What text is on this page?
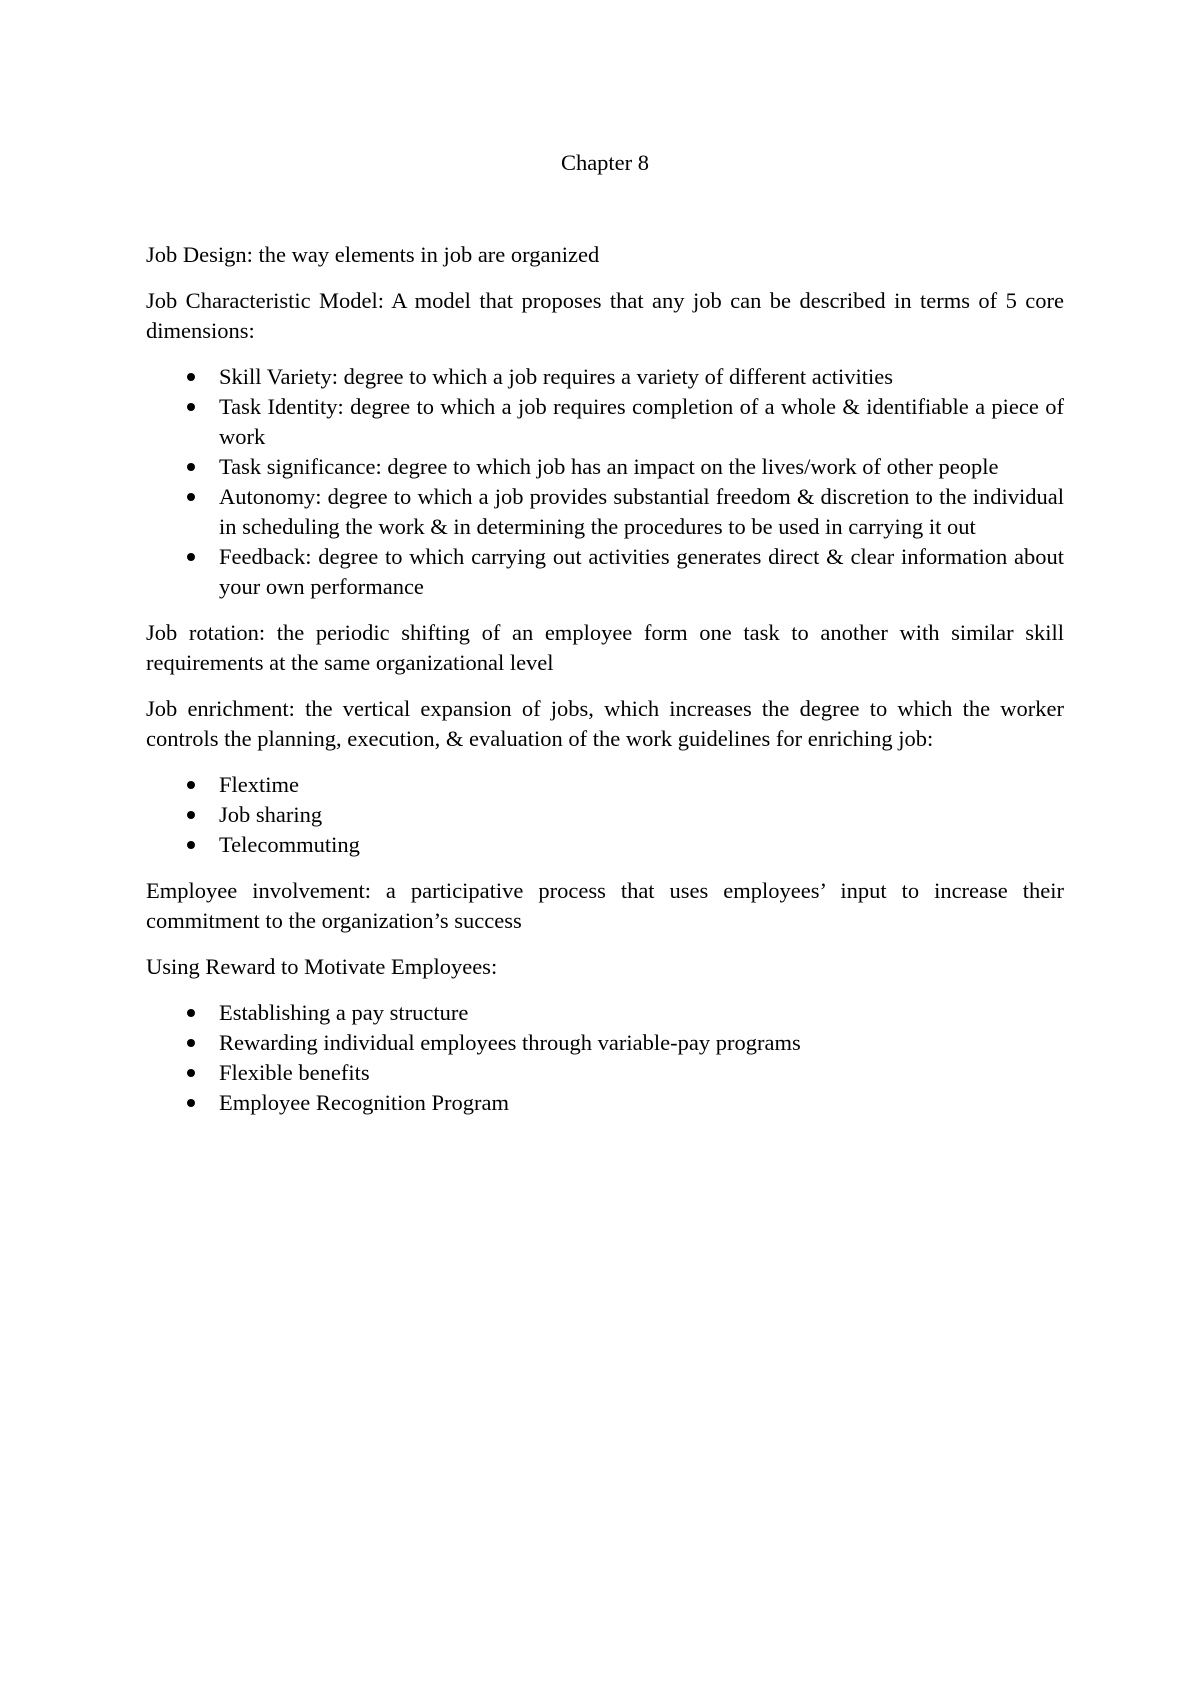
Chapter 8

Job Design: the way elements in job are organized

Job Characteristic Model: A model that proposes that any job can be described in terms of 5 core dimensions:

Skill Variety: degree to which a job requires a variety of different activities
Task Identity: degree to which a job requires completion of a whole & identifiable a piece of work
Task significance: degree to which job has an impact on the lives/work of other people
Autonomy: degree to which a job provides substantial freedom & discretion to the individual in scheduling the work & in determining the procedures to be used in carrying it out
Feedback: degree to which carrying out activities generates direct & clear information about your own performance

Job rotation: the periodic shifting of an employee form one task to another with similar skill requirements at the same organizational level

Job enrichment: the vertical expansion of jobs, which increases the degree to which the worker controls the planning, execution, & evaluation of the work guidelines for enriching job:

Flextime
Job sharing
Telecommuting

Employee involvement: a participative process that uses employees’ input to increase their commitment to the organization’s success

Using Reward to Motivate Employees:

Establishing a pay structure
Rewarding individual employees through variable-pay programs
Flexible benefits
Employee Recognition Program
